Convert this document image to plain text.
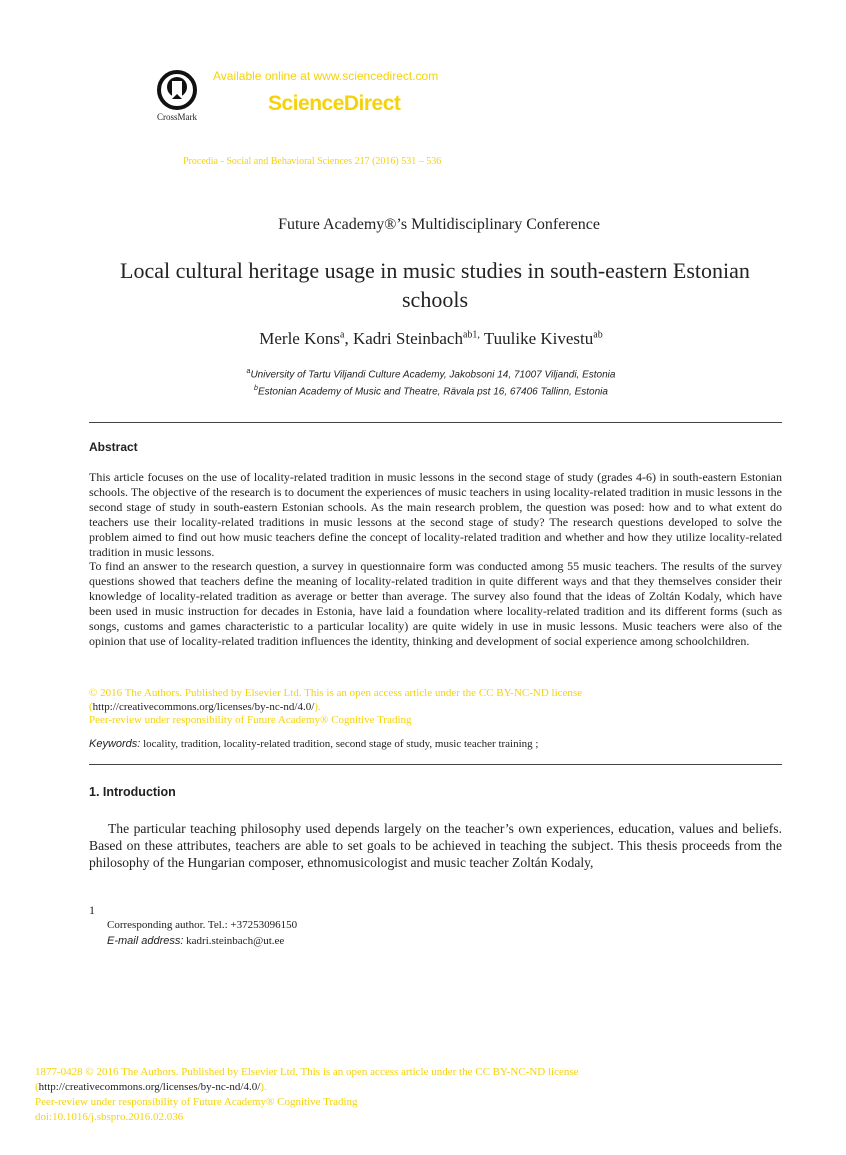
CrossMark
Available online at www.sciencedirect.com
ScienceDirect
Procedia - Social and Behavioral Sciences 217 (2016) 531 – 536
Future Academy®’s Multidisciplinary Conference
Local cultural heritage usage in music studies in south-eastern Estonian schools
Merle Kons$^a$, Kadri Steinbach$^{ab1,}$ Tuulike Kivestu$^{ab}$
$^a$University of Tartu Viljandi Culture Academy, Jakobsoni 14, 71007 Viljandi, Estonia
$^b$Estonian Academy of Music and Theatre, Rävala pst 16, 67406 Tallinn, Estonia
Abstract

This article focuses on the use of locality-related tradition in music lessons in the second stage of study (grades 4-6) in south-eastern Estonian schools. The objective of the research is to document the experiences of music teachers in using locality-related tradition in music lessons in the second stage of study in south-eastern Estonian schools. As the main research problem, the question was posed: how and to what extent do teachers use their locality-related traditions in music lessons at the second stage of study? The research questions developed to solve the problem aimed to find out how music teachers define the concept of locality-related tradition and whether and how they utilize locality-related tradition in music lessons.

To find an answer to the research question, a survey in questionnaire form was conducted among 55 music teachers. The results of the survey questions showed that teachers define the meaning of locality-related tradition in quite different ways and that they themselves consider their knowledge of locality-related tradition as average or better than average. The survey also found that the ideas of Zoltán Kodaly, which have been used in music instruction for decades in Estonia, have laid a foundation where locality-related tradition and its different forms (such as songs, customs and games characteristic to a particular locality) are quite widely in use in music lessons. Music teachers were also of the opinion that use of locality-related tradition influences the identity, thinking and development of social experience among schoolchildren.

© 2016 The Authors. Published by Elsevier Ltd. This is an open access article under the CC BY-NC-ND license
(http://creativecommons.org/licenses/by-nc-nd/4.0/).
Peer-review under responsibility of Future Academy® Cognitive Trading
Keywords: locality, tradition, locality-related tradition, second stage of study, music teacher training ;
1. Introduction
The particular teaching philosophy used depends largely on the teacher’s own experiences, education, values and beliefs. Based on these attributes, teachers are able to set goals to be achieved in teaching the subject. This thesis proceeds from the philosophy of the Hungarian composer, ethnomusicologist and music teacher Zoltán Kodaly,
1
Corresponding author. Tel.: +37253096150
E-mail address: kadri.steinbach@ut.ee
1877-0428 © 2016 The Authors. Published by Elsevier Ltd. This is an open access article under the CC BY-NC-ND license
(http://creativecommons.org/licenses/by-nc-nd/4.0/).
Peer-review under responsibility of Future Academy® Cognitive Trading
doi:10.1016/j.sbspro.2016.02.036
